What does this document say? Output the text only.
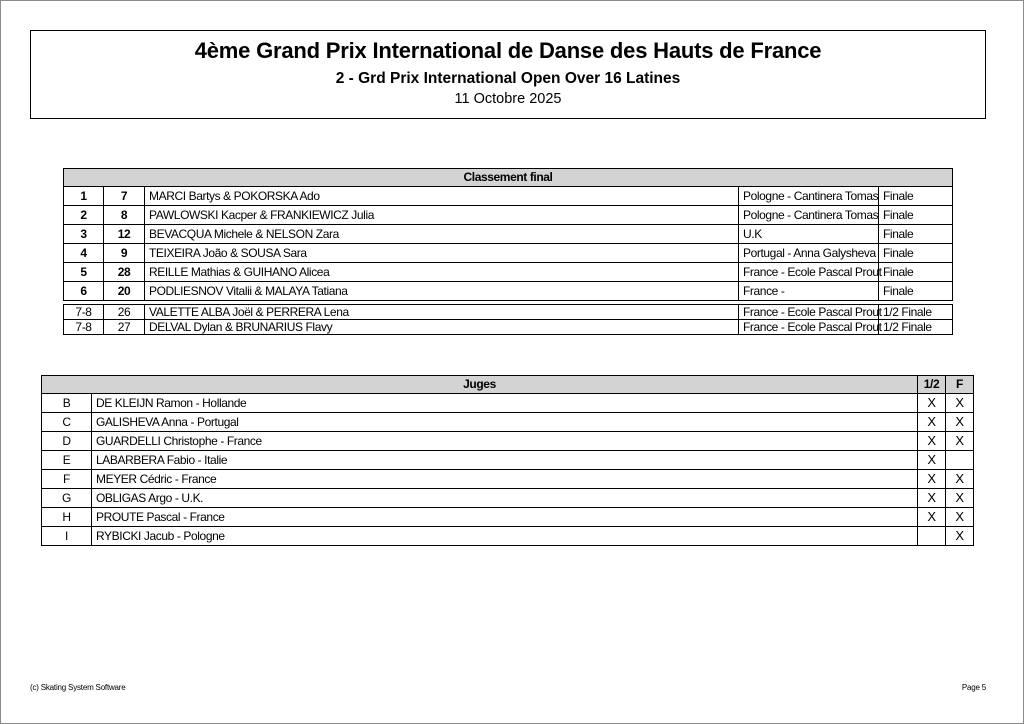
4ème Grand Prix International de Danse des Hauts de France
2 - Grd Prix International Open Over 16 Latines
11 Octobre 2025
Classement final				
1	7	MARCI Bartys & POKORSKA Ado	Pologne - Cantinera Tomas	Finale
2	8	PAWLOWSKI Kacper & FRANKIEWICZ Julia	Pologne - Cantinera Tomas	Finale
3	12	BEVACQUA Michele & NELSON Zara	U.K	Finale
4	9	TEIXEIRA João & SOUSA Sara	Portugal - Anna Galysheva	Finale
5	28	REILLE Mathias & GUIHANO Alicea	France - Ecole Pascal Prout	Finale
6	20	PODLIESNOV Vitalii & MALAYA Tatiana	France -	Finale

7-8	26	VALETTE ALBA Joël & PERRERA Lena	France - Ecole Pascal Prout	1/2 Finale
7-8	27	DELVAL Dylan & BRUNARIUS Flavy	France - Ecole Pascal Prout	1/2 Finale
Juges		1/2	F
B	DE KLEIJN Ramon - Hollande	X	X
C	GALISHEVA Anna - Portugal	X	X
D	GUARDELLI Christophe - France	X	X
E	LABARBERA Fabio - Italie	X	
F	MEYER Cédric - France	X	X
G	OBLIGAS Argo - U.K.	X	X
H	PROUTE Pascal - France	X	X
I	RYBICKI Jacub - Pologne		X
(c) Skating System Software	Page 5
